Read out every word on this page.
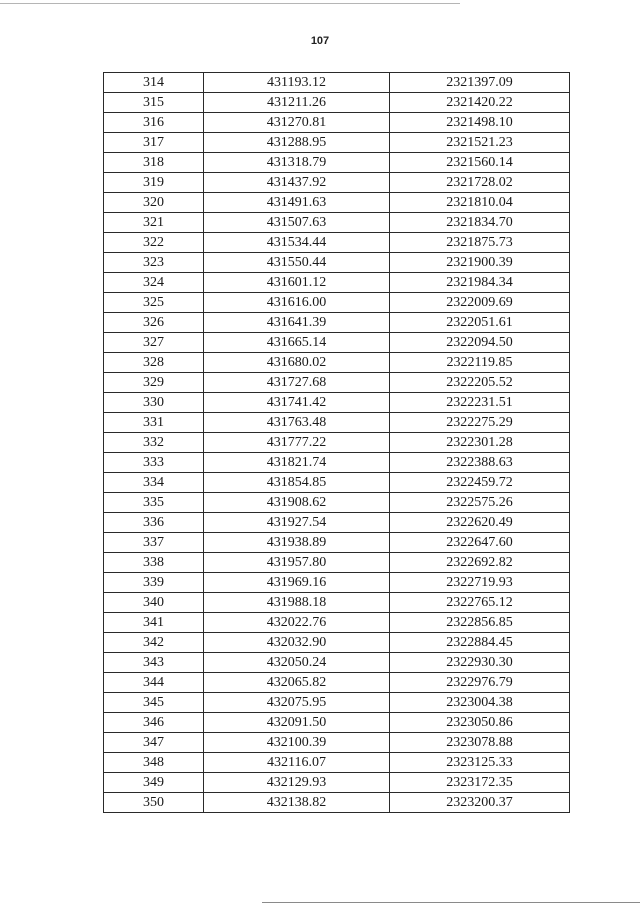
107
314	431193.12	2321397.09
315	431211.26	2321420.22
316	431270.81	2321498.10
317	431288.95	2321521.23
318	431318.79	2321560.14
319	431437.92	2321728.02
320	431491.63	2321810.04
321	431507.63	2321834.70
322	431534.44	2321875.73
323	431550.44	2321900.39
324	431601.12	2321984.34
325	431616.00	2322009.69
326	431641.39	2322051.61
327	431665.14	2322094.50
328	431680.02	2322119.85
329	431727.68	2322205.52
330	431741.42	2322231.51
331	431763.48	2322275.29
332	431777.22	2322301.28
333	431821.74	2322388.63
334	431854.85	2322459.72
335	431908.62	2322575.26
336	431927.54	2322620.49
337	431938.89	2322647.60
338	431957.80	2322692.82
339	431969.16	2322719.93
340	431988.18	2322765.12
341	432022.76	2322856.85
342	432032.90	2322884.45
343	432050.24	2322930.30
344	432065.82	2322976.79
345	432075.95	2323004.38
346	432091.50	2323050.86
347	432100.39	2323078.88
348	432116.07	2323125.33
349	432129.93	2323172.35
350	432138.82	2323200.37
